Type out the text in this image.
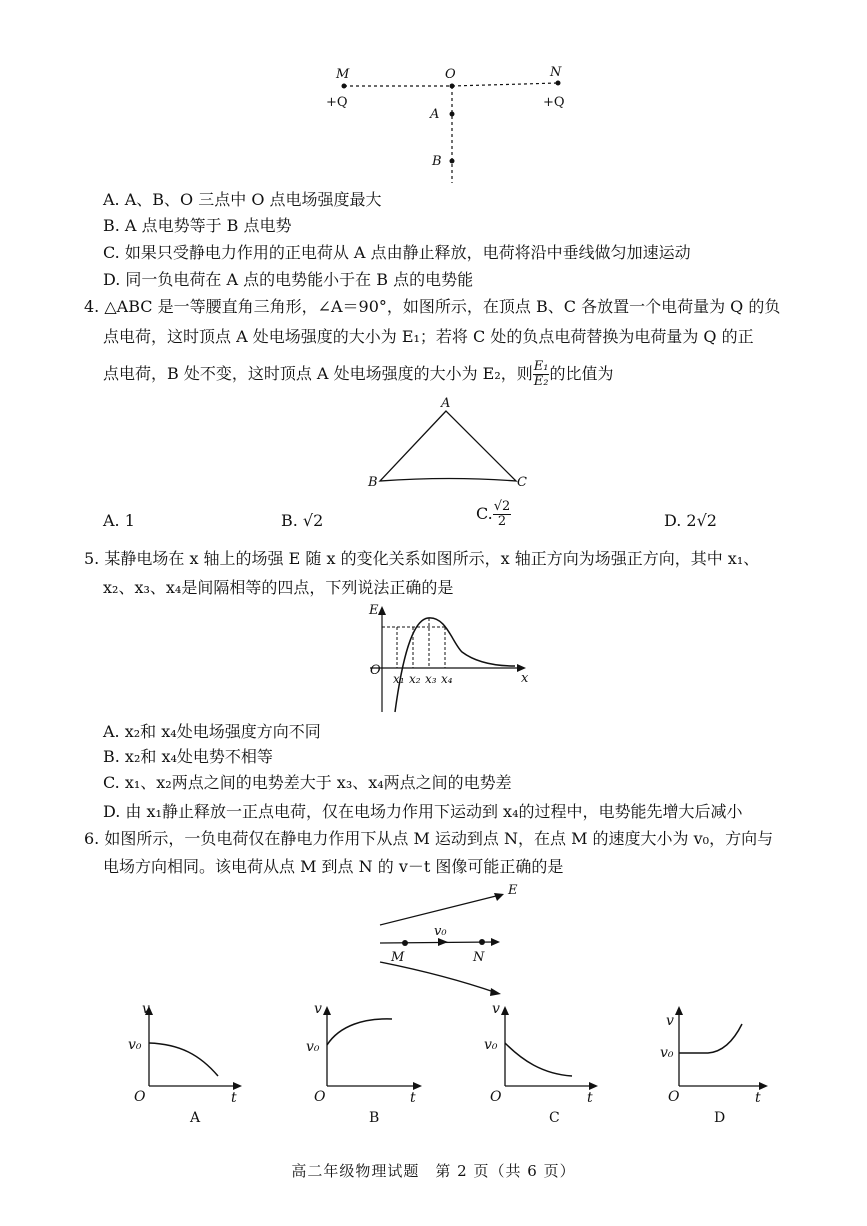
M	O	N
+Q	+Q
A
B
A. A、B、O 三点中 O 点电场强度最大
B. A 点电势等于 B 点电势
C. 如果只受静电力作用的正电荷从 A 点由静止释放，电荷将沿中垂线做匀加速运动
D. 同一负电荷在 A 点的电势能小于在 B 点的电势能
4. △ABC 是一等腰直角三角形，∠A＝90°，如图所示，在顶点 B、C 各放置一个电荷量为 Q 的负
点电荷，这时顶点 A 处电场强度的大小为 E₁；若将 C 处的负点电荷替换为电荷量为 Q 的正
点电荷，B 处不变，这时顶点 A 处电场强度的大小为 E₂，则 $\frac{\text{E₁}}{\text{E₂}}$ 的比值为
A
B	C
A. 1	B. √2	C. $\frac{√2}{2}$	D. 2√2
5. 某静电场在 x 轴上的场强 E 随 x 的变化关系如图所示，x 轴正方向为场强正方向，其中 x₁、
x₂、x₃、x₄是间隔相等的四点，下列说法正确的是
E
O
x
x₁ x₂ x₃ x₄
A. x₂和 x₄处电场强度方向不同
B. x₂和 x₄处电势不相等
C. x₁、x₂两点之间的电势差大于 x₃、x₄两点之间的电势差
D. 由 x₁静止释放一正点电荷，仅在电场力作用下运动到 x₄的过程中，电势能先增大后减小
6. 如图所示，一负电荷仅在静电力作用下从点 M 运动到点 N，在点 M 的速度大小为 v₀，方向与
电场方向相同。该电荷从点 M 到点 N 的 v－t 图像可能正确的是
E
v₀
M	N
v
v₀
O	t
A
v
v₀
O	t
B
v
v₀
O	t
C
v
v₀
O	t
D
高二年级物理试题　第 2 页（共 6 页）
